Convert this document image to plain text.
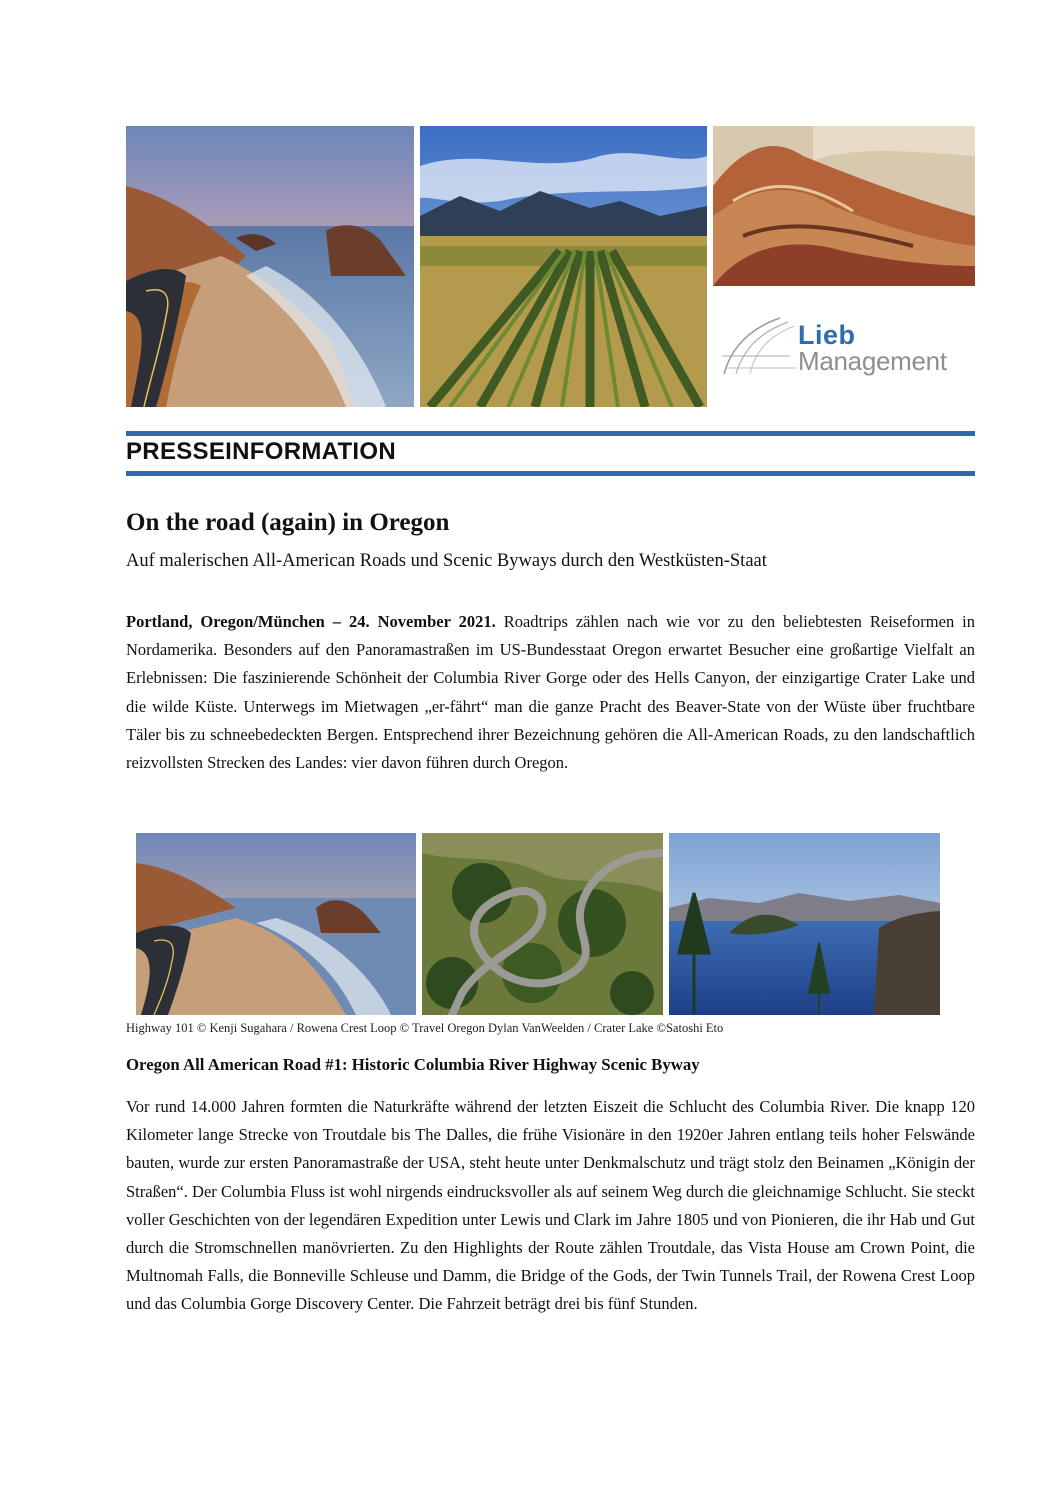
Lieb
Management
PRESSEINFORMATION
On the road (again) in Oregon
Auf malerischen All-American Roads und Scenic Byways durch den Westküsten-Staat
Portland, Oregon/München – 24. November 2021. Roadtrips zählen nach wie vor zu den beliebtesten Reiseformen in Nordamerika. Besonders auf den Panoramastraßen im US-Bundesstaat Oregon erwartet Besucher eine großartige Vielfalt an Erlebnissen: Die faszinierende Schönheit der Columbia River Gorge oder des Hells Canyon, der einzigartige Crater Lake und die wilde Küste. Unterwegs im Mietwagen „er-fährt“ man die ganze Pracht des Beaver-State von der Wüste über fruchtbare Täler bis zu schneebedeckten Bergen. Entsprechend ihrer Bezeichnung gehören die All-American Roads, zu den landschaftlich reizvollsten Strecken des Landes: vier davon führen durch Oregon.
Highway 101 © Kenji Sugahara / Rowena Crest Loop © Travel Oregon Dylan VanWeelden / Crater Lake ©Satoshi Eto
Oregon All American Road #1: Historic Columbia River Highway Scenic Byway
Vor rund 14.000 Jahren formten die Naturkräfte während der letzten Eiszeit die Schlucht des Columbia River. Die knapp 120 Kilometer lange Strecke von Troutdale bis The Dalles, die frühe Visionäre in den 1920er Jahren entlang teils hoher Felswände bauten, wurde zur ersten Panoramastraße der USA, steht heute unter Denkmalschutz und trägt stolz den Beinamen „Königin der Straßen“. Der Columbia Fluss ist wohl nirgends eindrucksvoller als auf seinem Weg durch die gleichnamige Schlucht. Sie steckt voller Geschichten von der legendären Expedition unter Lewis und Clark im Jahre 1805 und von Pionieren, die ihr Hab und Gut durch die Stromschnellen manövrierten. Zu den Highlights der Route zählen Troutdale, das Vista House am Crown Point, die Multnomah Falls, die Bonneville Schleuse und Damm, die Bridge of the Gods, der Twin Tunnels Trail, der Rowena Crest Loop und das Columbia Gorge Discovery Center. Die Fahrzeit beträgt drei bis fünf Stunden.
